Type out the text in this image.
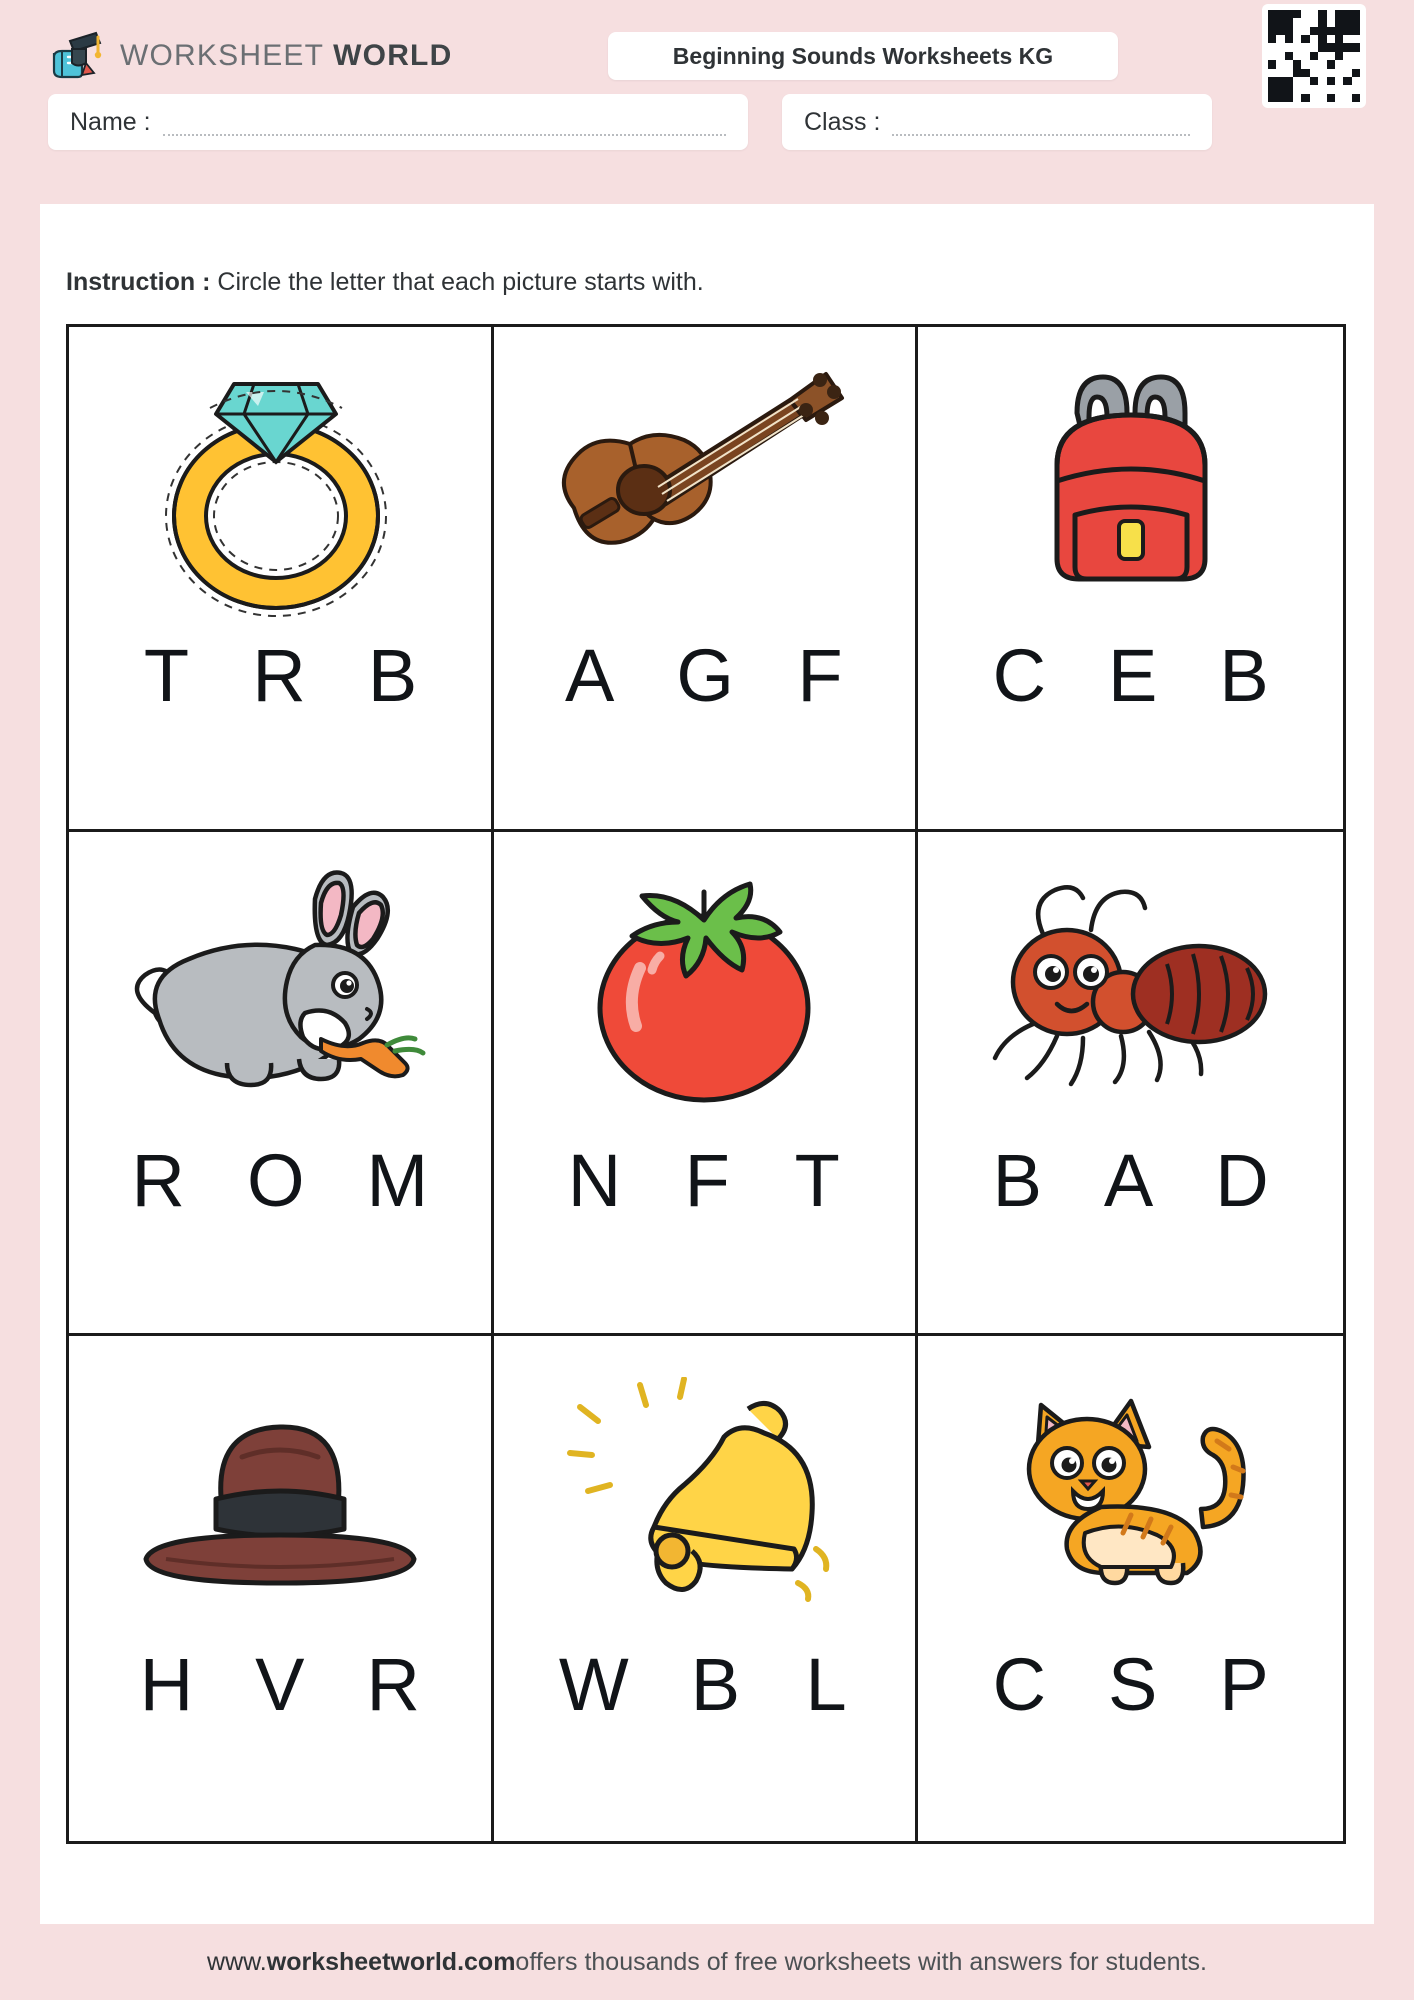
WORKSHEET WORLD	Beginning Sounds Worksheets KG
Name :	Class :
Instruction : Circle the letter that each picture starts with.
T R B A G F C E B
R O M N F T B A D
H V R W B L C S P
www.worksheetworld.com offers thousands of free worksheets with answers for students.
